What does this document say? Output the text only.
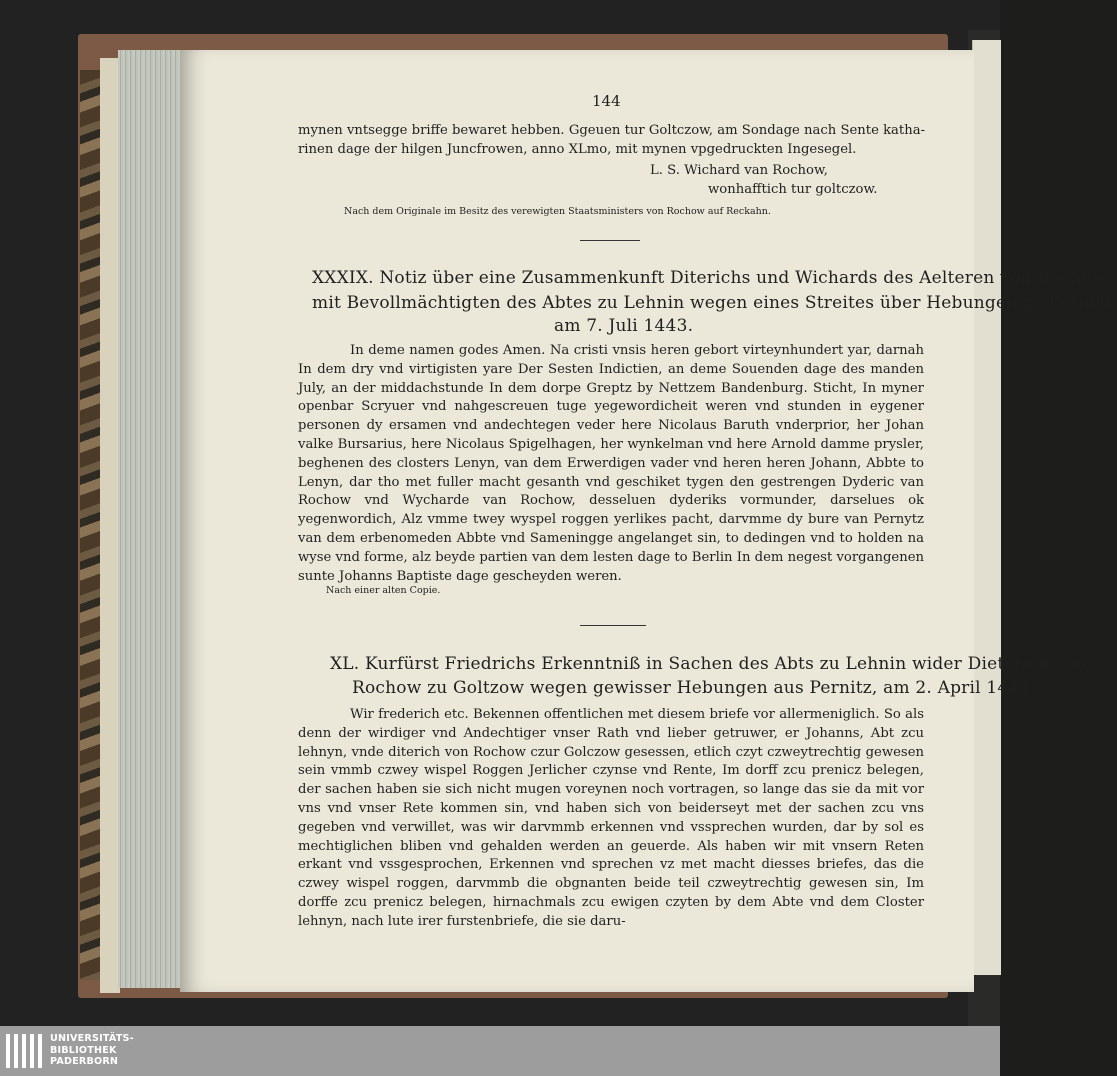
144
mynen vntsegge briffe bewaret hebben. Ggeuen tur Goltczow, am Sondage nach Sente katha-
rinen dage der hilgen Juncfrowen, anno XLmo, mit mynen vpgedruckten Ingesegel.
L. S. Wichard van Rochow,
wonhafftich tur goltczow.
Nach dem Originale im Besitz des verewigten Staatsministers von Rochow auf Reckahn.
XXXIX. Notiz über eine Zusammenkunft Diterichs und Wichards des Aelteren von Rochow
mit Bevollmächtigten des Abtes zu Lehnin wegen eines Streites über Hebungen zu Pernitz,
am 7. Juli 1443.
In deme namen godes Amen. Na cristi vnsis heren gebort virteynhundert yar, darnah In dem dry vnd virtigisten yare Der Sesten Indictien, an deme Souenden dage des manden July, an der middachstunde In dem dorpe Greptz by Nettzem Bandenburg. Sticht, In myner openbar Scryuer vnd nahgescreuen tuge yegewordicheit weren vnd stunden in eygener personen dy ersamen vnd andechtegen veder here Nicolaus Baruth vnderprior, her Johan valke Bursarius, here Nicolaus Spigelhagen, her wynkelman vnd here Arnold damme prysler, beghenen des closters Lenyn, van dem Erwerdigen vader vnd heren heren Johann, Abbte to Lenyn, dar tho met fuller macht gesanth vnd geschiket tygen den gestrengen Dyderic van Rochow vnd Wycharde van Rochow, desseluen dyderiks vormunder, darselues ok yegenwordich, Alz vmme twey wyspel roggen yerlikes pacht, darvmme dy bure van Pernytz van dem erbenomeden Abbte vnd Sameningge angelanget sin, to dedingen vnd to holden na wyse vnd forme, alz beyde partien van dem lesten dage to Berlin In dem negest vorgangenen sunte Johanns Baptiste dage gescheyden weren.
Nach einer alten Copie.
XL. Kurfürst Friedrichs Erkenntniß in Sachen des Abts zu Lehnin wider Dieterich von
Rochow zu Goltzow wegen gewisser Hebungen aus Pernitz, am 2. April 1444.
Wir frederich etc. Bekennen offentlichen met diesem briefe vor allermeniglich. So als denn der wirdiger vnd Andechtiger vnser Rath vnd lieber getruwer, er Johanns, Abt zcu lehnyn, vnde diterich von Rochow czur Golczow gesessen, etlich czyt czweytrechtig gewesen sein vmmb czwey wispel Roggen Jerlicher czynse vnd Rente, Im dorff zcu prenicz belegen, der sachen haben sie sich nicht mugen voreynen noch vortragen, so lange das sie da mit vor vns vnd vnser Rete kommen sin, vnd haben sich von beiderseyt met der sachen zcu vns gegeben vnd verwillet, was wir darvmmb erkennen vnd vssprechen wurden, dar by sol es mechtiglichen bliben vnd gehalden werden an geuerde. Als haben wir mit vnsern Reten erkant vnd vssgesprochen, Erkennen vnd sprechen vz met macht diesses briefes, das die czwey wispel roggen, darvmmb die obgnanten beide teil czweytrechtig gewesen sin, Im dorffe zcu prenicz belegen, hirnachmals zcu ewigen czyten by dem Abte vnd dem Closter lehnyn, nach lute irer furstenbriefe, die sie daru-
UNIVERSITÄTS-
BIBLIOTHEK
PADERBORN
